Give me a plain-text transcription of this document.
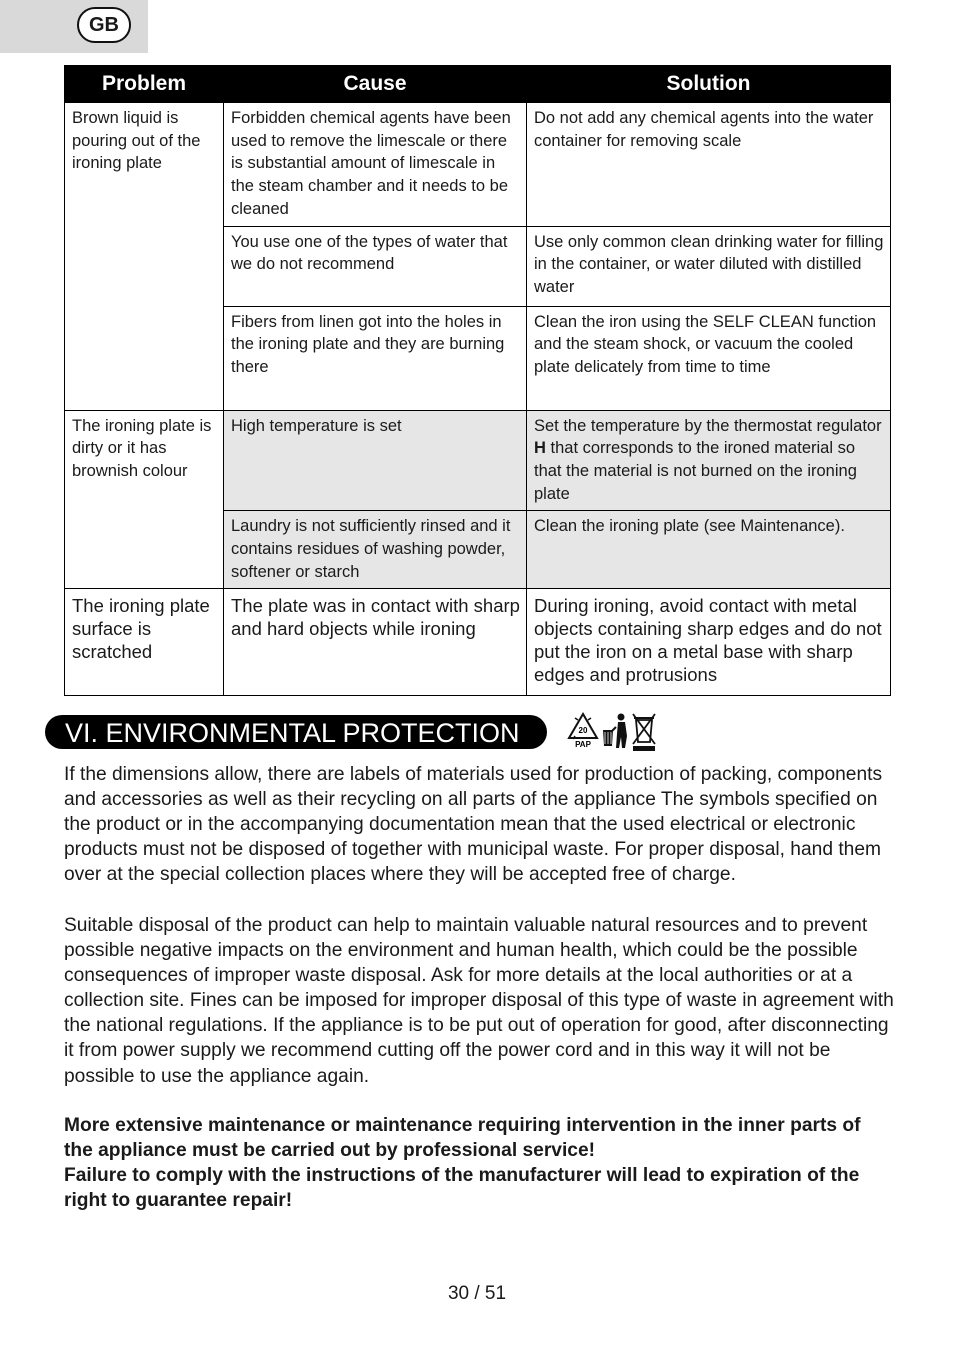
GB
Problem	Cause	Solution
Brown liquid is pouring out of the ironing plate	Forbidden chemical agents have been used to remove the limescale or there is substantial amount of limescale in the steam chamber and it needs to be cleaned	Do not add any chemical agents into the water container for removing scale
	You use one of the types of water that we do not recommend	Use only common clean drinking water for filling in the container, or water diluted with distilled water
	Fibers from linen got into the holes in the ironing plate and they are burning there	Clean the iron using the SELF CLEAN function and the steam shock, or vacuum the cooled plate delicately from time to time
The ironing plate is dirty or it has brownish colour	High temperature is set	Set the temperature by the thermostat regulator H that corresponds to the ironed material so that the material is not burned on the ironing plate
	Laundry is not sufficiently rinsed and it contains residues of washing powder, softener or starch	Clean the ironing plate (see Maintenance).
The ironing plate surface is scratched	The plate was in contact with sharp and hard objects while ironing	During ironing, avoid contact with metal objects containing sharp edges and do not put the iron on a metal base with sharp edges and protrusions
VI. ENVIRONMENTAL PROTECTION	20
PAP
If the dimensions allow, there are labels of materials used for production of packing, components and accessories as well as their recycling on all parts of the appliance The symbols specified on the product or in the accompanying documentation mean that the used electrical or electronic products must not be disposed of together with municipal waste. For proper disposal, hand them over at the special collection places where they will be accepted free of charge.
Suitable disposal of the product can help to maintain valuable natural resources and to prevent possible negative impacts on the environment and human health, which could be the possible consequences of improper waste disposal. Ask for more details at the local authorities or at a collection site. Fines can be imposed for improper disposal of this type of waste in agreement with the national regulations. If the appliance is to be put out of operation for good, after disconnecting it from power supply we recommend cutting off the power cord and in this way it will not be possible to use the appliance again.
More extensive maintenance or maintenance requiring intervention in the inner parts of the appliance must be carried out by professional service!
Failure to comply with the instructions of the manufacturer will lead to expiration of the right to guarantee repair!
30 / 51
